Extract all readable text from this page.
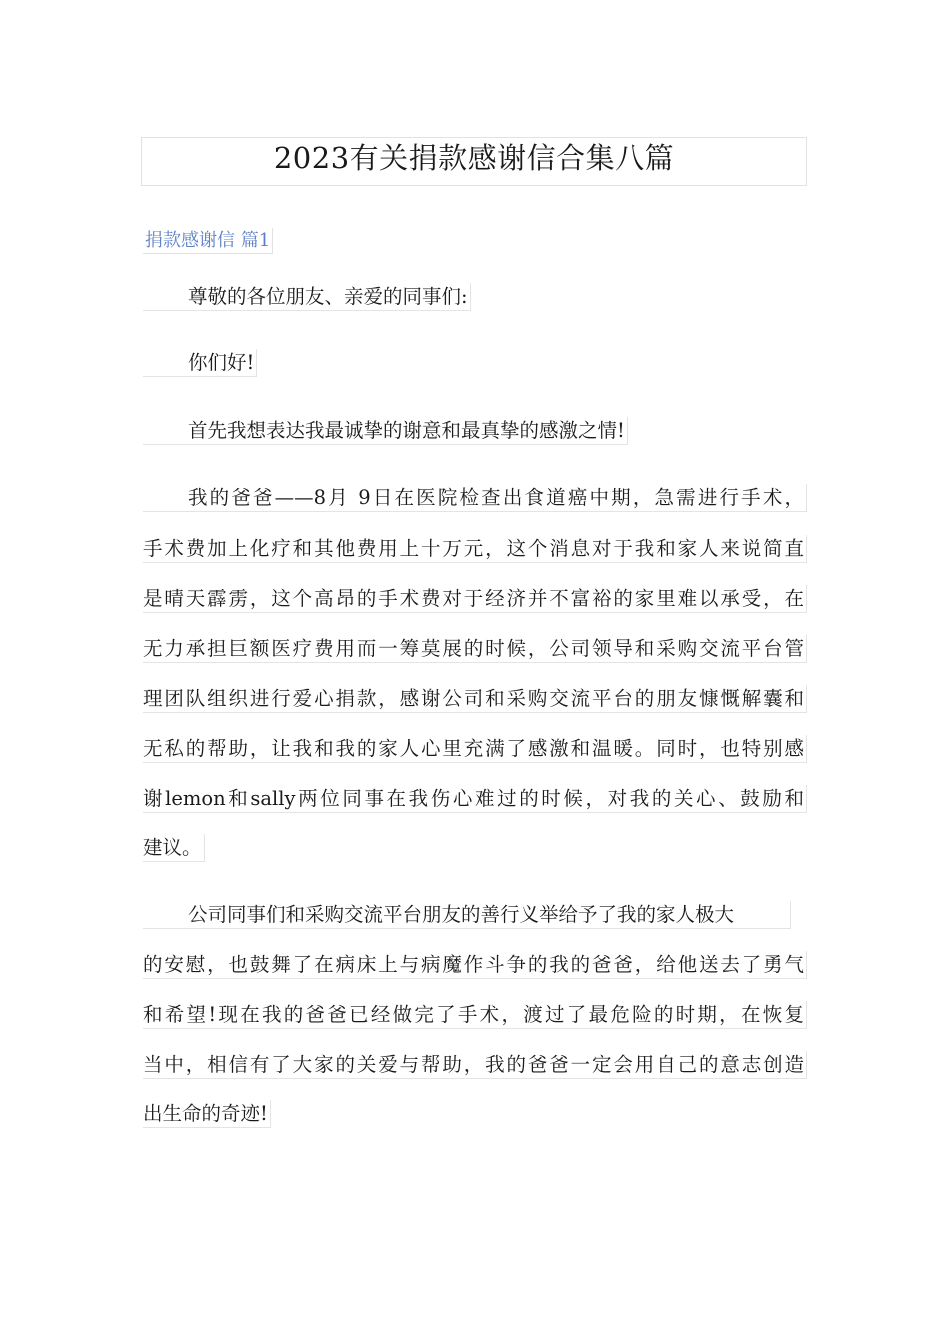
2023有关捐款感谢信合集八篇
捐款感谢信 篇1
尊敬的各位朋友、亲爱的同事们:
你们好!
首先我想表达我最诚挚的谢意和最真挚的感激之情!
我的爸爸——8月 9日在医院检查出食道癌中期，急需进行手术，
手术费加上化疗和其他费用上十万元，这个消息对于我和家人来说简直
是晴天霹雳，这个高昂的手术费对于经济并不富裕的家里难以承受，在
无力承担巨额医疗费用而一筹莫展的时候，公司领导和采购交流平台管
理团队组织进行爱心捐款，感谢公司和采购交流平台的朋友慷慨解囊和
无私的帮助，让我和我的家人心里充满了感激和温暖。同时，也特别感
谢lemon和sally两位同事在我伤心难过的时候，对我的关心、鼓励和
建议。
公司同事们和采购交流平台朋友的善行义举给予了我的家人极大
的安慰，也鼓舞了在病床上与病魔作斗争的我的爸爸，给他送去了勇气
和希望!现在我的爸爸已经做完了手术，渡过了最危险的时期，在恢复
当中，相信有了大家的关爱与帮助，我的爸爸一定会用自己的意志创造
出生命的奇迹!
